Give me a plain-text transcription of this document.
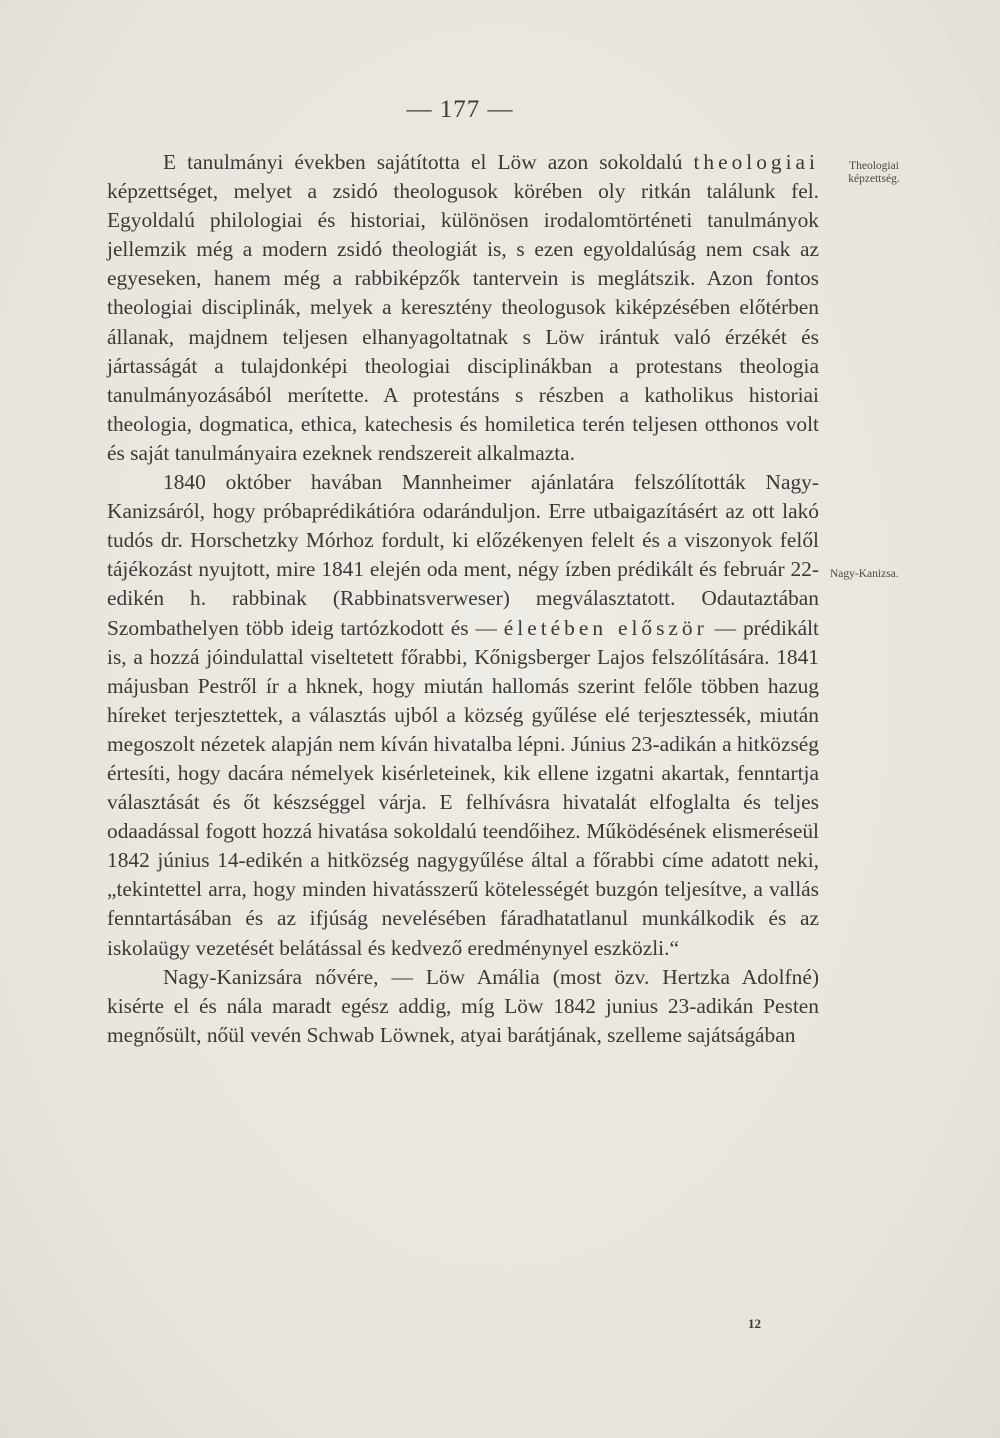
— 177 —
Theologiai képzettség.
Nagy-Kanizsa.

E tanulmányi években sajátította el Löw azon sokoldalú theologiai képzettséget, melyet a zsidó theologusok körében oly ritkán találunk fel. Egyoldalú philologiai és historiai, különösen irodalomtörténeti tanulmányok jellemzik még a modern zsidó theologiát is, s ezen egyoldalúság nem csak az egyeseken, hanem még a rabbiképzők tantervein is meglátszik. Azon fontos theologiai disciplinák, melyek a keresztény theologusok kiképzésében előtérben állanak, majdnem teljesen elhanyagoltatnak s Löw irántuk való érzékét és jártasságát a tulajdonképi theologiai disciplinákban a protestans theologia tanulmányozásából merítette. A protestáns s részben a katholikus historiai theologia, dogmatica, ethica, katechesis és homiletica terén teljesen otthonos volt és saját tanulmányaira ezeknek rendszereit alkalmazta.

1840 október havában Mannheimer ajánlatára felszólították Nagy-Kanizsáról, hogy próbaprédikátióra odaránduljon. Erre utbaigazításért az ott lakó tudós dr. Horschetzky Mórhoz fordult, ki előzékenyen felelt és a viszonyok felől tájékozást nyujtott, mire 1841 elején oda ment, négy ízben prédikált és február 22-edikén h. rabbinak (Rabbinatsverweser) megválasztatott. Odautaztában Szombathelyen több ideig tartózkodott és — életében először — prédikált is, a hozzá jóindulattal viseltetett főrabbi, Kőnigsberger Lajos felszólítására. 1841 májusban Pestről ír a hknek, hogy miután hallomás szerint felőle többen hazug híreket terjesztettek, a választás ujból a község gyűlése elé terjesztessék, miután megoszolt nézetek alapján nem kíván hivatalba lépni. Június 23-adikán a hitközség értesíti, hogy dacára némelyek kisérleteinek, kik ellene izgatni akartak, fenntartja választását és őt készséggel várja. E felhívásra hivatalát elfoglalta és teljes odaadással fogott hozzá hivatása sokoldalú teendőihez. Működésének elismeréseül 1842 június 14-edikén a hitközség nagygyűlése által a főrabbi címe adatott neki, „tekintettel arra, hogy minden hivatásszerű kötelességét buzgón teljesítve, a vallás fenntartásában és az ifjúság nevelésében fáradhatatlanul munkálkodik és az iskolaügy vezetését belátással és kedvező eredménynyel eszközli.“

Nagy-Kanizsára nővére, — Löw Amália (most özv. Hertzka Adolfné) kisérte el és nála maradt egész addig, míg Löw 1842 junius 23-adikán Pesten megnősült, nőül vevén Schwab Löwnek, atyai barátjának, szelleme sajátságában

12
